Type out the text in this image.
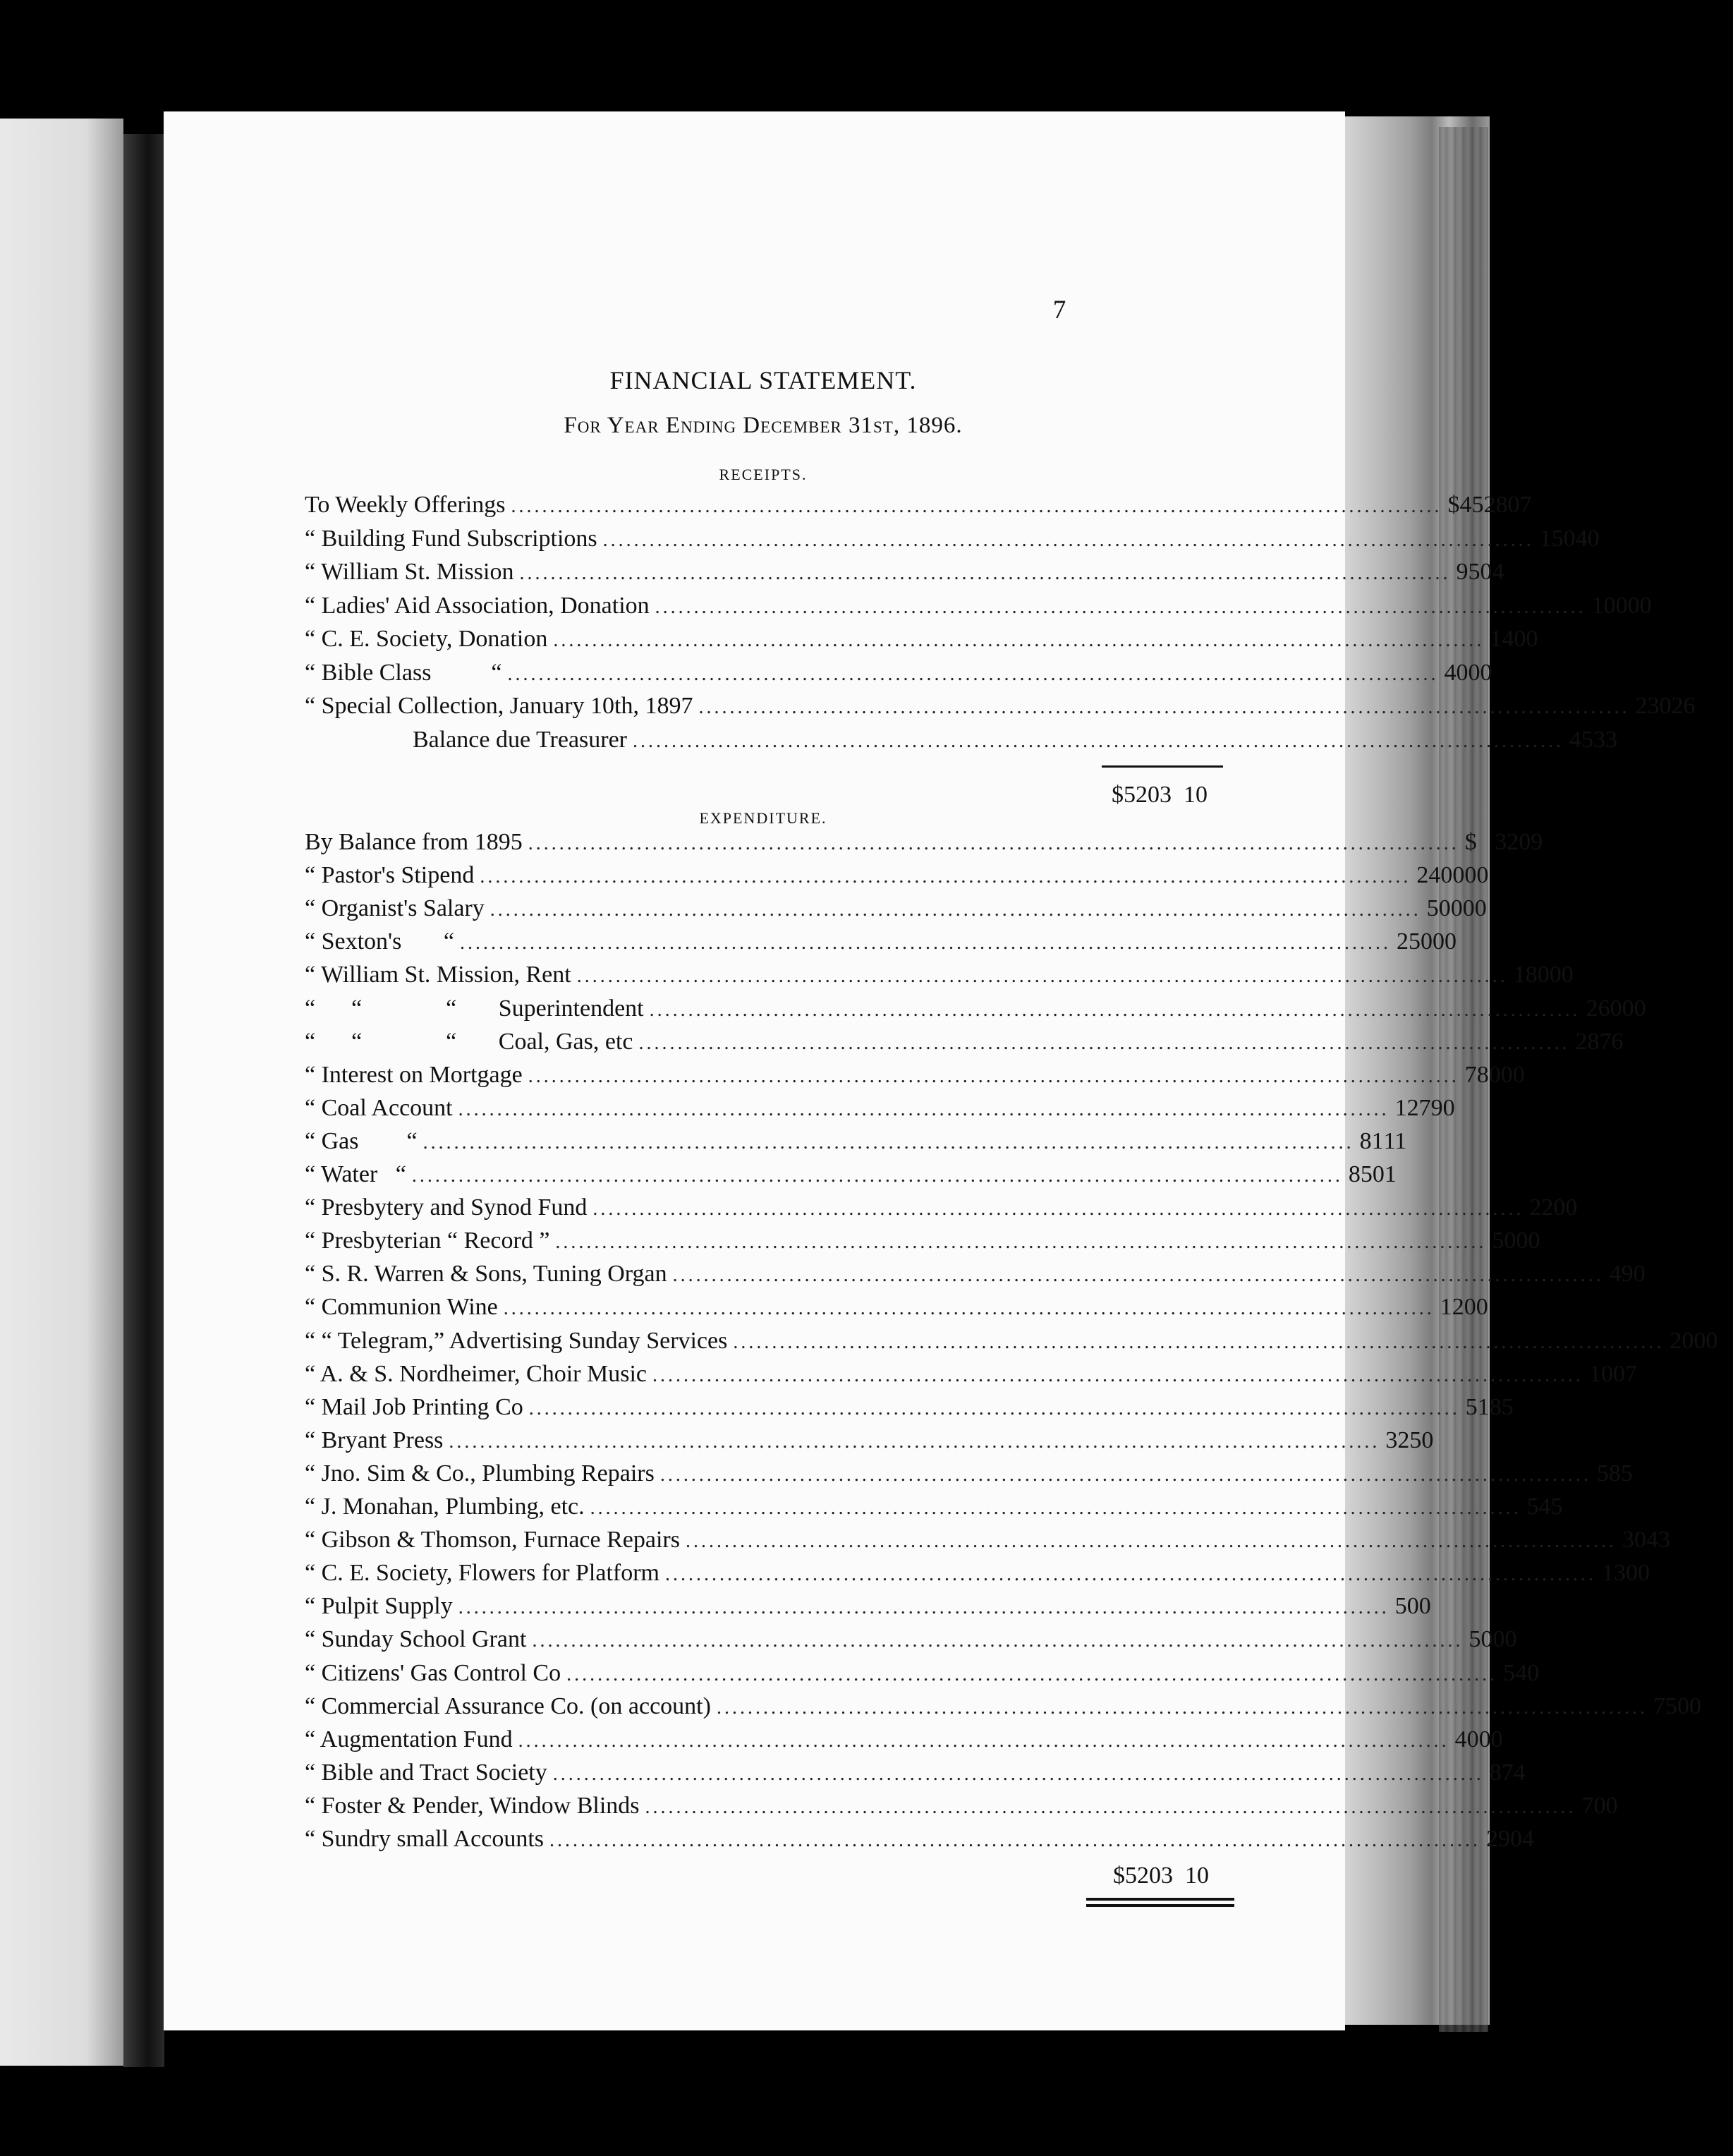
7
FINANCIAL STATEMENT.
For Year Ending December 31st, 1896.
RECEIPTS.
To Weekly Offerings ........................................................................................................................ $4528 07
“ Building Fund Subscriptions ........................................................................................................................ 150 40
“ William St. Mission ........................................................................................................................ 95 04
“ Ladies' Aid Association, Donation ........................................................................................................................ 100 00
“ C. E. Society, Donation ........................................................................................................................ 14 00
“ Bible Class          “ ........................................................................................................................ 40 00
“ Special Collection, January 10th, 1897 ........................................................................................................................ 230 26
Balance due Treasurer ........................................................................................................................ 45 33
$5203  10
EXPENDITURE.
By Balance from 1895 ........................................................................................................................ $   32 09
“ Pastor's Stipend ........................................................................................................................ 2400 00
“ Organist's Salary ........................................................................................................................ 500 00
“ Sexton's       “ ........................................................................................................................ 250 00
“ William St. Mission, Rent ........................................................................................................................ 180 00
“      “              “       Superintendent ........................................................................................................................ 260 00
“      “              “       Coal, Gas, etc ........................................................................................................................ 28 76
“ Interest on Mortgage ........................................................................................................................ 780 00
“ Coal Account ........................................................................................................................ 127 90
“ Gas        “ ........................................................................................................................ 81 11
“ Water   “ ........................................................................................................................ 85 01
“ Presbytery and Synod Fund ........................................................................................................................ 22 00
“ Presbyterian “ Record ” ........................................................................................................................ 50 00
“ S. R. Warren & Sons, Tuning Organ ........................................................................................................................ 4 90
“ Communion Wine ........................................................................................................................ 12 00
“ “ Telegram,” Advertising Sunday Services ........................................................................................................................ 20 00
“ A. & S. Nordheimer, Choir Music ........................................................................................................................ 10 07
“ Mail Job Printing Co ........................................................................................................................ 51 85
“ Bryant Press ........................................................................................................................ 32 50
“ Jno. Sim & Co., Plumbing Repairs ........................................................................................................................ 5 85
“ J. Monahan, Plumbing, etc. ........................................................................................................................ 5 45
“ Gibson & Thomson, Furnace Repairs ........................................................................................................................ 30 43
“ C. E. Society, Flowers for Platform ........................................................................................................................ 13 00
“ Pulpit Supply ........................................................................................................................ 5 00
“ Sunday School Grant ........................................................................................................................ 50 00
“ Citizens' Gas Control Co ........................................................................................................................ 5 40
“ Commercial Assurance Co. (on account) ........................................................................................................................ 75 00
“ Augmentation Fund ........................................................................................................................ 40 00
“ Bible and Tract Society ........................................................................................................................ 8 74
“ Foster & Pender, Window Blinds ........................................................................................................................ 7 00
“ Sundry small Accounts ........................................................................................................................ 29 04
$5203  10
